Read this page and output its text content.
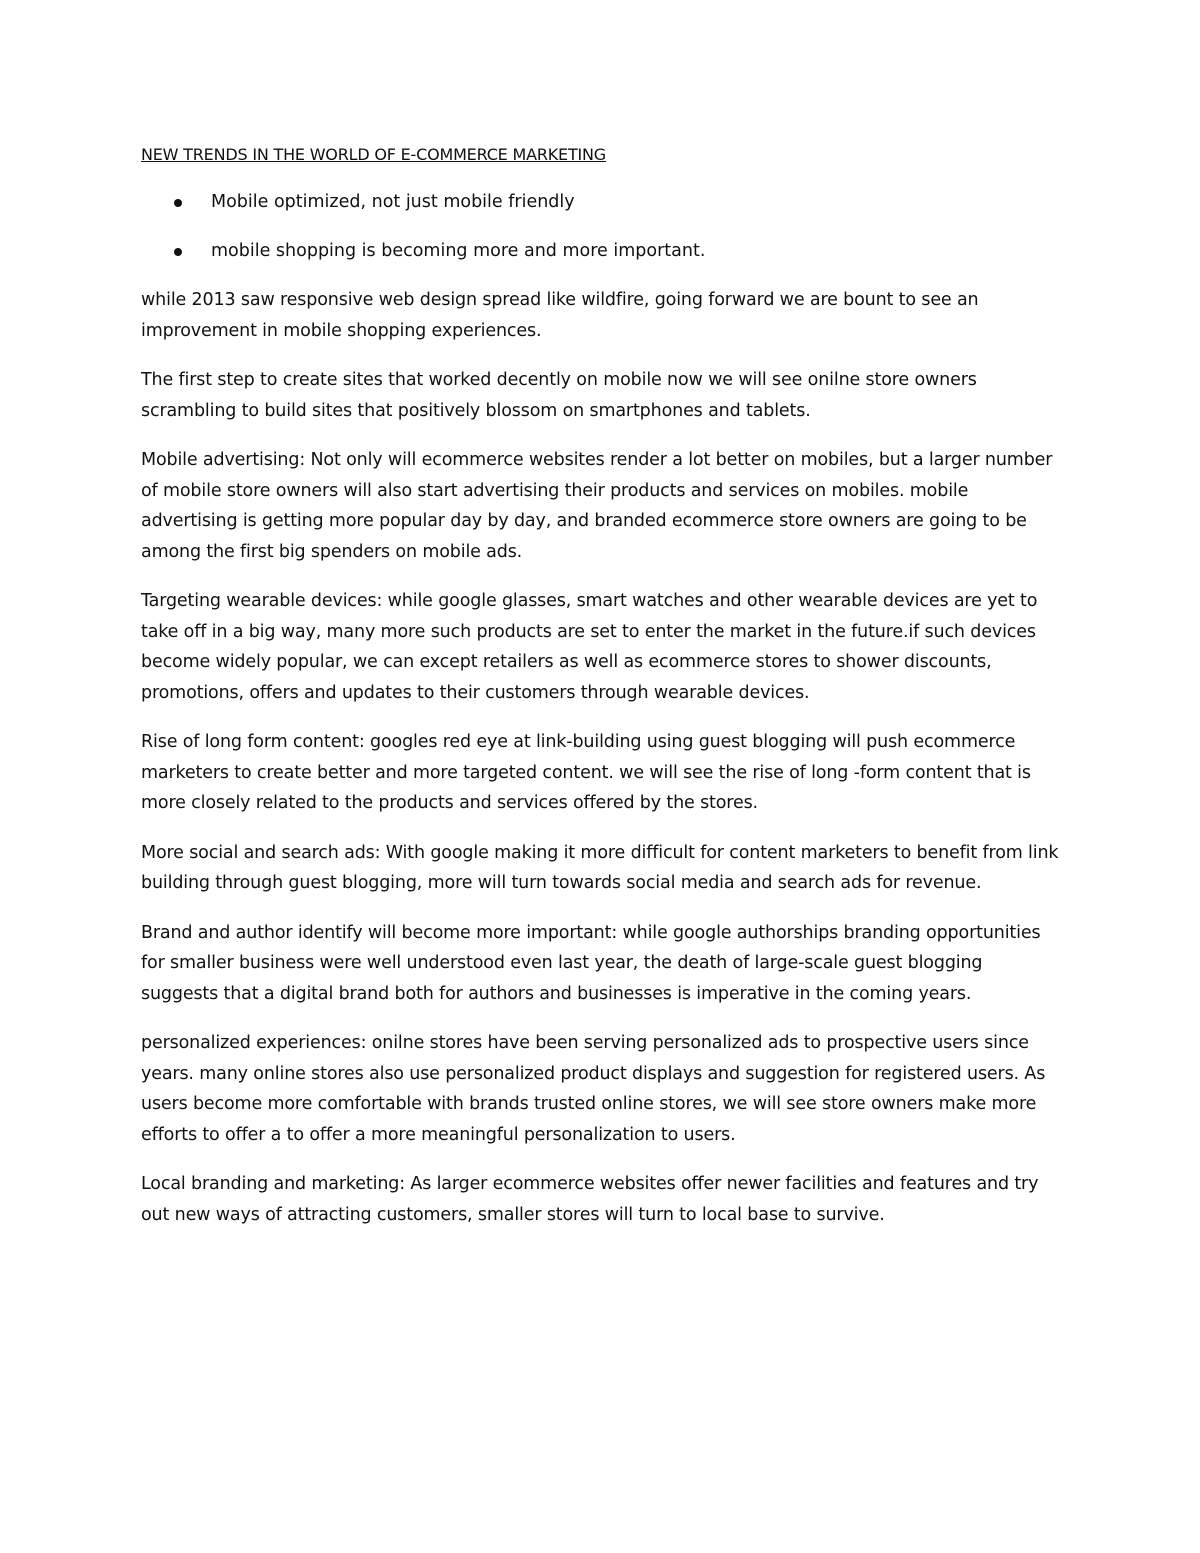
NEW TRENDS IN THE WORLD OF E-COMMERCE MARKETING
Mobile optimized, not just mobile friendly
mobile shopping is becoming more and more important.

while 2013 saw responsive web design spread like wildfire, going forward we are bount to see an improvement in mobile shopping experiences.

The first step to create sites that worked decently on mobile now we will see onilne store owners scrambling to build sites that positively blossom on smartphones and tablets.

Mobile advertising: Not only will ecommerce websites render a lot better on mobiles, but a larger number of mobile store owners will also start advertising their products and services on mobiles. mobile advertising is getting more popular day by day, and branded ecommerce store owners are going to be among the first big spenders on mobile ads.

Targeting wearable devices: while google glasses, smart watches and other wearable devices are yet to take off in a big way, many more such products are set to enter the market in the future.if such devices become widely popular, we can except retailers as well as ecommerce stores to shower discounts, promotions, offers and updates to their customers through wearable devices.

Rise of long form content: googles red eye at link-building using guest blogging will push ecommerce marketers to create better and more targeted content. we will see the rise of long -form content that is more closely related to the products and services offered by the stores.

More social and search ads: With google making it more difficult for content marketers to benefit from link building through guest blogging, more will turn towards social media and search ads for revenue.

Brand and author identify will become more important: while google authorships branding opportunities for smaller business were well understood even last year, the death of large-scale guest blogging suggests that a digital brand both for authors and businesses is imperative in the coming years.

personalized experiences: onilne stores have been serving personalized ads to prospective users since years. many online stores also use personalized product displays and suggestion for registered users. As users become more comfortable with brands trusted online stores, we will see store owners make more efforts to offer a to offer a more meaningful personalization to users.

Local branding and marketing: As larger ecommerce websites offer newer facilities and features and try out new ways of attracting customers, smaller stores will turn to local base to survive.
